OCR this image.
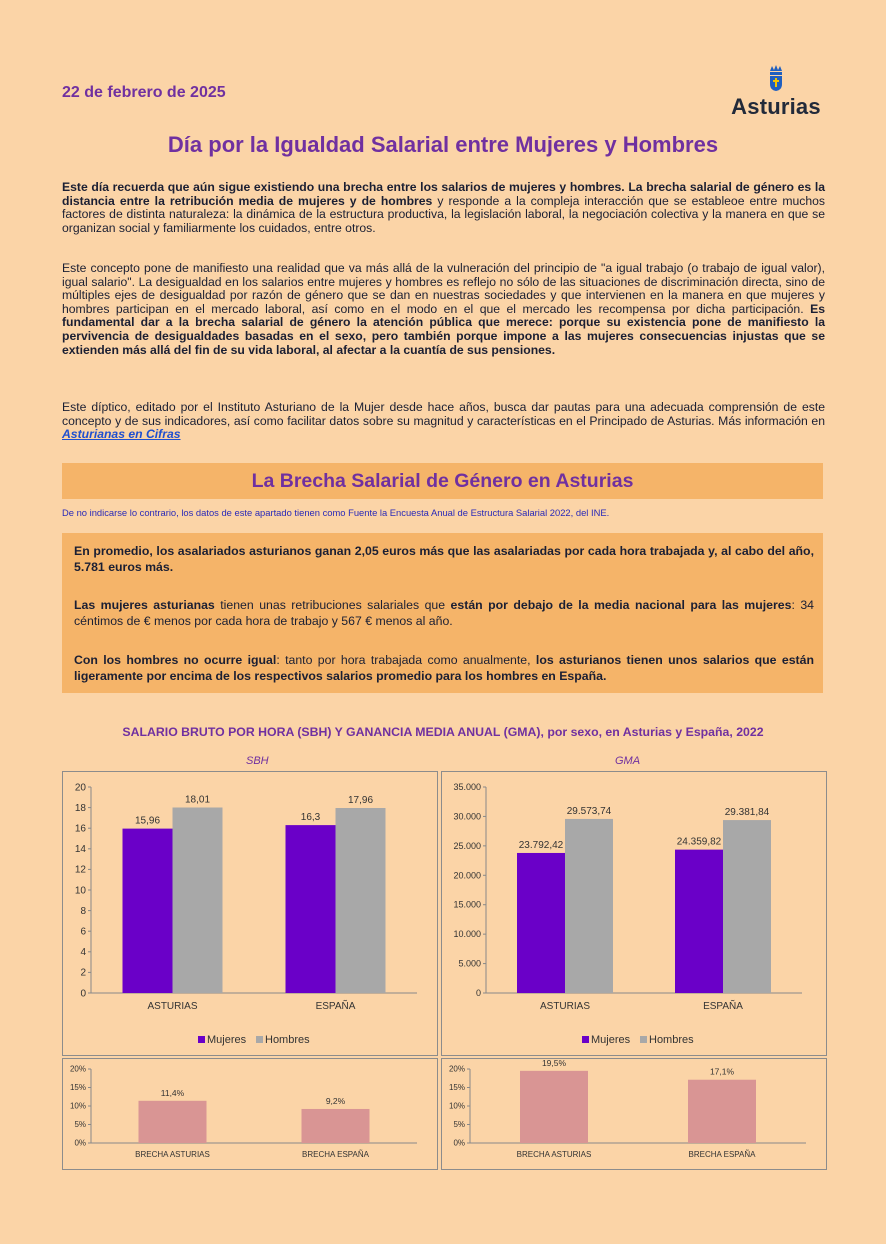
22 de febrero de 2025
Asturias
Día por la Igualdad Salarial entre Mujeres y Hombres
Este día recuerda que aún sigue existiendo una brecha entre los salarios de mujeres y hombres. La brecha salarial de género es la distancia entre la retribución media de mujeres y de hombres y responde a la compleja interacción que se estableoe entre muchos factores de distinta naturaleza: la dinámica de la estructura productiva, la legislación laboral, la negociación colectiva y la manera en que se organizan social y familiarmente los cuidados, entre otros.
Este concepto pone de manifiesto una realidad que va más allá de la vulneración del principio de "a igual trabajo (o trabajo de igual valor), igual salario". La desigualdad en los salarios entre mujeres y hombres es reflejo no sólo de las situaciones de discriminación directa, sino de múltiples ejes de desigualdad por razón de género que se dan en nuestras sociedades y que intervienen en la manera en que mujeres y hombres participan en el mercado laboral, así como en el modo en el que el mercado les recompensa por dicha participación. Es fundamental dar a la brecha salarial de género la atención pública que merece: porque su existencia pone de manifiesto la pervivencia de desigualdades basadas en el sexo, pero también porque impone a las mujeres consecuencias injustas que se extienden más allá del fin de su vida laboral, al afectar a la cuantía de sus pensiones.
Este díptico, editado por el Instituto Asturiano de la Mujer desde hace años, busca dar pautas para una adecuada comprensión de este concepto y de sus indicadores, así como facilitar datos sobre su magnitud y características en el Principado de Asturias. Más información en Asturianas en Cifras
La Brecha Salarial de Género en Asturias
De no indicarse lo contrario, los datos de este apartado tienen como Fuente la Encuesta Anual de Estructura Salarial 2022, del INE.

En promedio, los asalariados asturianos ganan 2,05 euros más que las asalariadas por cada hora trabajada y, al cabo del año, 5.781 euros más.

Las mujeres asturianas tienen unas retribuciones salariales que están por debajo de la media nacional para las mujeres: 34 céntimos de € menos por cada hora de trabajo y 567 € menos al año.

Con los hombres no ocurre igual: tanto por hora trabajada como anualmente, los asturianos tienen unos salarios que están ligeramente por encima de los respectivos salarios promedio para los hombres en España.

SALARIO BRUTO POR HORA (SBH) Y GANANCIA MEDIA ANUAL (GMA), por sexo, en Asturias y España, 2022
SBH	GMA
0
2
4
6
8
10
12
14
16
18
20
ASTURIAS
15,96
18,01
ESPAÑA
16,3
17,96
Mujeres Hombres
0
5.000
10.000
15.000
20.000
25.000
30.000
35.000
ASTURIAS
23.792,42
29.573,74
ESPAÑA
24.359,82
29.381,84
Mujeres Hombres
0%
5%
10%
15%
20%
BRECHA ASTURIAS
11,4%
BRECHA ESPAÑA
9,2%
0%
5%
10%
15%
20%
BRECHA ASTURIAS
19,5%
BRECHA ESPAÑA
17,1%
